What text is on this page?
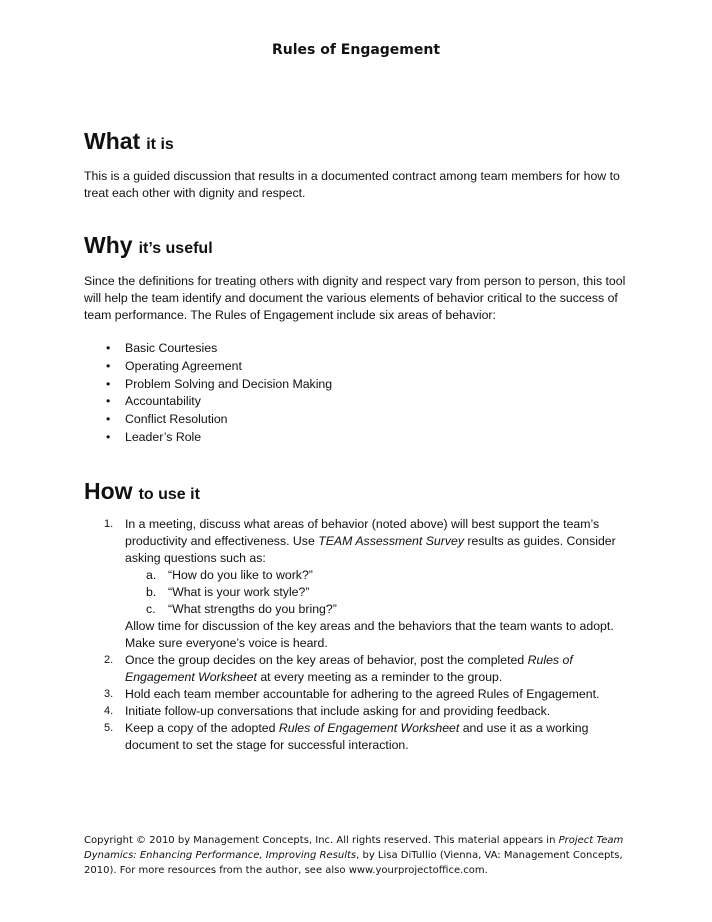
Rules of Engagement
What it is

This is a guided discussion that results in a documented contract among team members for how to treat each other with dignity and respect.

Why it’s useful

Since the definitions for treating others with dignity and respect vary from person to person, this tool will help the team identify and document the various elements of behavior critical to the success of team performance. The Rules of Engagement include six areas of behavior:

• Basic Courtesies
• Operating Agreement
• Problem Solving and Decision Making
• Accountability
• Conflict Resolution
• Leader’s Role
How to use it
1. In a meeting, discuss what areas of behavior (noted above) will best support the team’s productivity and effectiveness. Use TEAM Assessment Survey results as guides. Consider asking questions such as:
a. “How do you like to work?”
b. “What is your work style?”
c. “What strengths do you bring?”
Allow time for discussion of the key areas and the behaviors that the team wants to adopt. Make sure everyone’s voice is heard.
2. Once the group decides on the key areas of behavior, post the completed Rules of Engagement Worksheet at every meeting as a reminder to the group.
3. Hold each team member accountable for adhering to the agreed Rules of Engagement.
4. Initiate follow-up conversations that include asking for and providing feedback.
5. Keep a copy of the adopted Rules of Engagement Worksheet and use it as a working document to set the stage for successful interaction.

Copyright © 2010 by Management Concepts, Inc. All rights reserved. This material appears in Project Team Dynamics: Enhancing Performance, Improving Results, by Lisa DiTullio (Vienna, VA: Management Concepts, 2010). For more resources from the author, see also www.yourprojectoffice.com.
